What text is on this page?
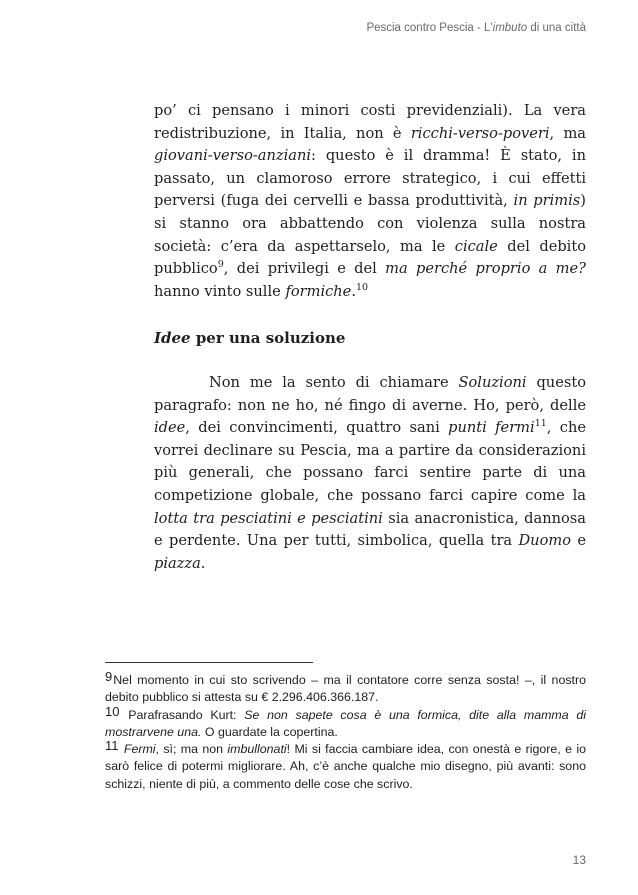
Pescia contro Pescia - L'imbuto di una città

po’ ci pensano i minori costi previdenziali). La vera redistribuzione, in Italia, non è ricchi-verso-poveri, ma giovani-verso-anziani: questo è il dramma! È stato, in passato, un clamoroso errore strategico, i cui effetti perversi (fuga dei cervelli e bassa produttività, in primis) si stanno ora abbattendo con violenza sulla nostra società: c’era da aspettarselo, ma le cicale del debito pubblico$^9$, dei privilegi e del ma perché proprio a me? hanno vinto sulle formiche.$^{10}$

Idee per una soluzione

Non me la sento di chiamare Soluzioni questo paragrafo: non ne ho, né fingo di averne. Ho, però, delle idee, dei convincimenti, quattro sani punti fermi$^{11}$, che vorrei declinare su Pescia, ma a partire da considerazioni più generali, che possano farci sentire parte di una competizione globale, che possano farci capire come la lotta tra pesciatini e pesciatini sia anacronistica, dannosa e perdente. Una per tutti, simbolica, quella tra Duomo e piazza.

9Nel momento in cui sto scrivendo – ma il contatore corre senza sosta! –, il nostro debito pubblico si attesta su € 2.296.406.366.187.

10 Parafrasando Kurt: Se non sapete cosa è una formica, dite alla mamma di mostrarvene una. O guardate la copertina.

11 Fermi, sì; ma non imbullonati! Mi si faccia cambiare idea, con onestà e rigore, e io sarò felice di potermi migliorare. Ah, c’è anche qualche mio disegno, più avanti: sono schizzi, niente di più, a commento delle cose che scrivo.

13
